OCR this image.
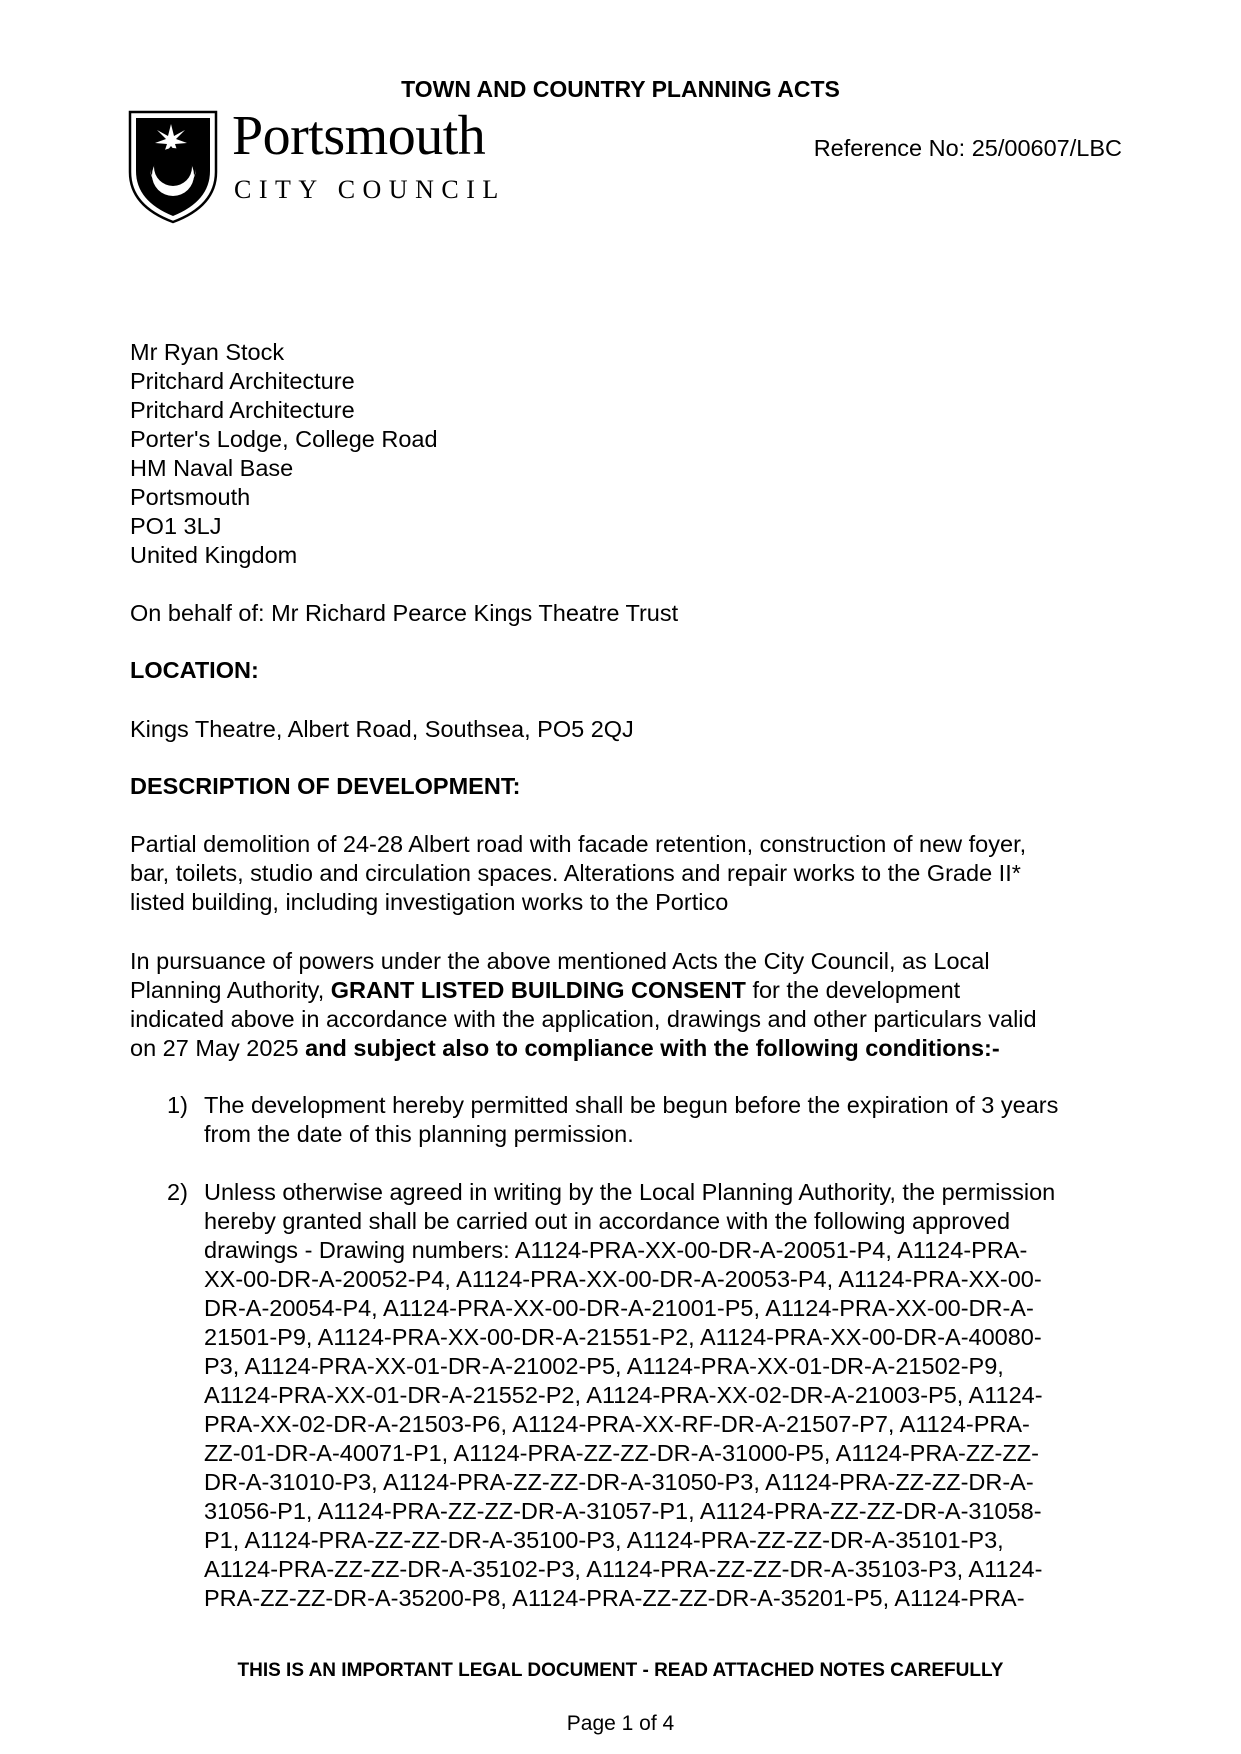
TOWN AND COUNTRY PLANNING ACTS
Portsmouth
CITY COUNCIL
Reference No: 25/00607/LBC
Mr Ryan Stock
Pritchard Architecture
Pritchard Architecture
Porter's Lodge, College Road
HM Naval Base
Portsmouth
PO1 3LJ
United Kingdom
On behalf of: Mr Richard Pearce Kings Theatre Trust
LOCATION:
Kings Theatre, Albert Road, Southsea, PO5 2QJ
DESCRIPTION OF DEVELOPMENT:
Partial demolition of 24-28 Albert road with facade retention, construction of new foyer,
bar, toilets, studio and circulation spaces. Alterations and repair works to the Grade II*
listed building, including investigation works to the Portico
In pursuance of powers under the above mentioned Acts the City Council, as Local
Planning Authority, GRANT LISTED BUILDING CONSENT for the development
indicated above in accordance with the application, drawings and other particulars valid
on 27 May 2025 and subject also to compliance with the following conditions:-
1) The development hereby permitted shall be begun before the expiration of 3 years
from the date of this planning permission.
2) Unless otherwise agreed in writing by the Local Planning Authority, the permission
hereby granted shall be carried out in accordance with the following approved
drawings - Drawing numbers: A1124-PRA-XX-00-DR-A-20051-P4, A1124-PRA-
XX-00-DR-A-20052-P4, A1124-PRA-XX-00-DR-A-20053-P4, A1124-PRA-XX-00-
DR-A-20054-P4, A1124-PRA-XX-00-DR-A-21001-P5, A1124-PRA-XX-00-DR-A-
21501-P9, A1124-PRA-XX-00-DR-A-21551-P2, A1124-PRA-XX-00-DR-A-40080-
P3, A1124-PRA-XX-01-DR-A-21002-P5, A1124-PRA-XX-01-DR-A-21502-P9,
A1124-PRA-XX-01-DR-A-21552-P2, A1124-PRA-XX-02-DR-A-21003-P5, A1124-
PRA-XX-02-DR-A-21503-P6, A1124-PRA-XX-RF-DR-A-21507-P7, A1124-PRA-
ZZ-01-DR-A-40071-P1, A1124-PRA-ZZ-ZZ-DR-A-31000-P5, A1124-PRA-ZZ-ZZ-
DR-A-31010-P3, A1124-PRA-ZZ-ZZ-DR-A-31050-P3, A1124-PRA-ZZ-ZZ-DR-A-
31056-P1, A1124-PRA-ZZ-ZZ-DR-A-31057-P1, A1124-PRA-ZZ-ZZ-DR-A-31058-
P1, A1124-PRA-ZZ-ZZ-DR-A-35100-P3, A1124-PRA-ZZ-ZZ-DR-A-35101-P3,
A1124-PRA-ZZ-ZZ-DR-A-35102-P3, A1124-PRA-ZZ-ZZ-DR-A-35103-P3, A1124-
PRA-ZZ-ZZ-DR-A-35200-P8, A1124-PRA-ZZ-ZZ-DR-A-35201-P5, A1124-PRA-
THIS IS AN IMPORTANT LEGAL DOCUMENT - READ ATTACHED NOTES CAREFULLY
Page 1 of 4
